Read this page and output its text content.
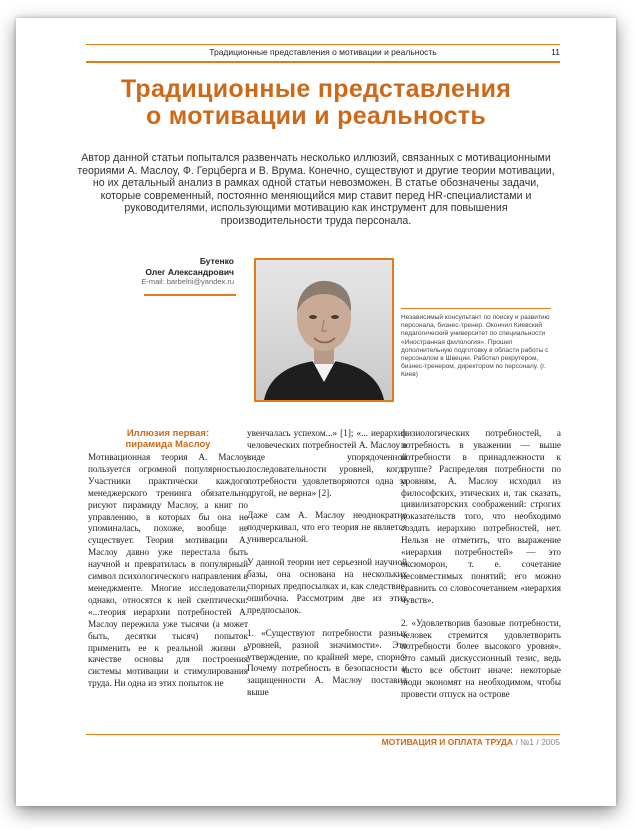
Традиционные представления о мотивации и реальность	11
Традиционные представления
о мотивации и реальность
Автор данной статьи попытался развенчать несколько иллюзий, связанных с мотивационными теориями А. Маслоу, Ф. Герцберга и В. Врума. Конечно, существуют и другие теории мотивации, но их детальный анализ в рамках одной статьи невозможен. В статье обозначены задачи, которые современный, постоянно меняющийся мир ставит перед HR-специалистами и руководителями, использующими мотивацию как инструмент для повышения производительности труда персонала.
Бутенко
Олег Александрович
E-mail: barbelni@yandex.ru
Независимый консультант по поиску и развитию персонала, бизнес-тренер. Окончил Киевский педагогический университет по специальности «Иностранная филология». Прошел дополнительную подготовку в области работы с персоналом в Швеции. Работал рекрутером, бизнес-тренером, директором по персоналу. (г. Киев)
Иллюзия первая:
пирамида Маслоу

Мотивационная теория А. Маслоу пользуется огромной популярностью. Участники практически каждого менеджерского тренинга обязательно рисуют пирамиду Маслоу, а книг по управлению, в которых бы она не упоминалась, похоже, вообще не существует. Теория мотивации А. Маслоу давно уже перестала быть научной и превратилась в популярный символ психологического направления в менеджменте. Многие исследователи, однако, относятся к ней скептически: «...теория иерархии потребностей А. Маслоу пережила уже тысячи (а может быть, десятки тысяч) попыток применить ее к реальной жизни в качестве основы для построения системы мотивации и стимулирования труда. Ни одна из этих попыток не

увенчалась успехом...» [1]; «... иерархия человеческих потребностей А. Маслоу в виде упорядоченной последовательности уровней, когда потребности удовлетворяются одна за другой, не верна» [2].

Даже сам А. Маслоу неоднократно подчеркивал, что его теория не является универсальной.

У данной теории нет серьезной научной базы, она основана на нескольких спорных предпосылках и, как следствие, ошибочна. Рассмотрим две из этих предпосылок.

1. «Существуют потребности разных уровней, разной значимости». Это утверждение, по крайней мере, спорно. Почему потребность в безопасности и защищенности А. Маслоу поставил выше

физиологических потребностей, а потребность в уважении — выше потребности в принадлежности к группе? Распределяя потребности по уровням, А. Маслоу исходил из философских, этических и, так сказать, цивилизаторских соображений: строгих доказательств того, что необходимо создать иерархию потребностей, нет. Нельзя не отметить, что выражение «иерархия потребностей» — это оксюморон, т. е. сочетание несовместимых понятий; его можно сравнить со словосочетанием «иерархия чувств».

2. «Удовлетворив базовые потребности, человек стремится удовлетворить потребности более высокого уровня». Это самый дискуссионный тезис, ведь часто все обстоит иначе: некоторые люди экономят на необходимом, чтобы провести отпуск на острове

МОТИВАЦИЯ И ОПЛАТА ТРУДА / №1 / 2005
